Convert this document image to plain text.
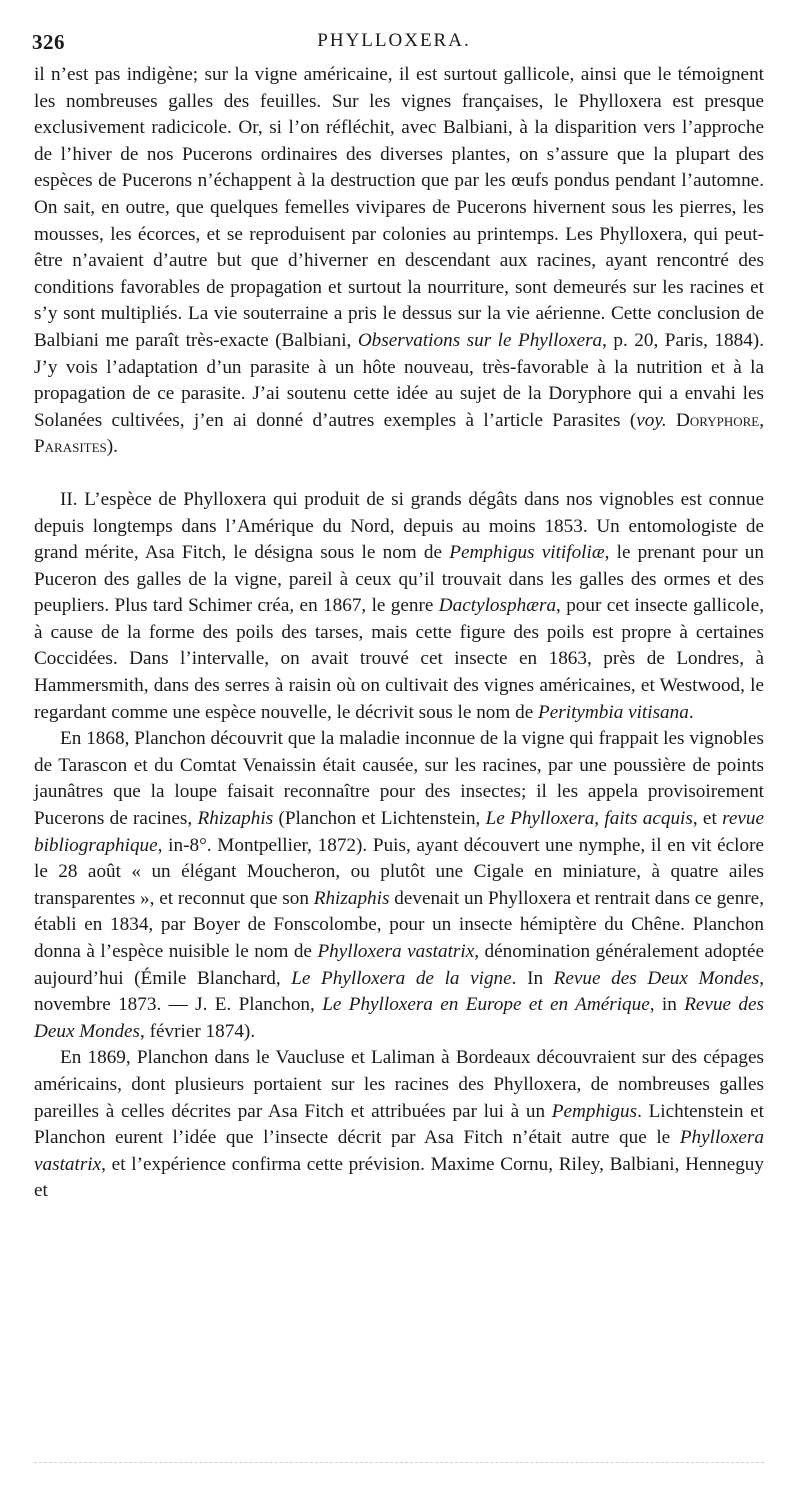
326	PHYLLOXERA.

il n’est pas indigène; sur la vigne américaine, il est surtout gallicole, ainsi que le témoignent les nombreuses galles des feuilles. Sur les vignes françaises, le Phylloxera est presque exclusivement radicicole. Or, si l’on réfléchit, avec Balbiani, à la disparition vers l’approche de l’hiver de nos Pucerons ordinaires des diverses plantes, on s’assure que la plupart des espèces de Pucerons n’échappent à la destruction que par les œufs pondus pendant l’automne. On sait, en outre, que quelques femelles vivipares de Pucerons hivernent sous les pierres, les mousses, les écorces, et se reproduisent par colonies au printemps. Les Phylloxera, qui peut-être n’avaient d’autre but que d’hiverner en descendant aux racines, ayant rencontré des conditions favorables de propagation et surtout la nourriture, sont demeurés sur les racines et s’y sont multipliés. La vie souterraine a pris le dessus sur la vie aérienne. Cette conclusion de Balbiani me paraît très-exacte (Balbiani, Observations sur le Phylloxera, p. 20, Paris, 1884). J’y vois l’adaptation d’un parasite à un hôte nouveau, très-favorable à la nutrition et à la propagation de ce parasite. J’ai soutenu cette idée au sujet de la Doryphore qui a envahi les Solanées cultivées, j’en ai donné d’autres exemples à l’article Parasites (voy. Doryphore, Parasites).

II. L’espèce de Phylloxera qui produit de si grands dégâts dans nos vignobles est connue depuis longtemps dans l’Amérique du Nord, depuis au moins 1853. Un entomologiste de grand mérite, Asa Fitch, le désigna sous le nom de Pemphigus vitifoliæ, le prenant pour un Puceron des galles de la vigne, pareil à ceux qu’il trouvait dans les galles des ormes et des peupliers. Plus tard Schimer créa, en 1867, le genre Dactylosphæra, pour cet insecte gallicole, à cause de la forme des poils des tarses, mais cette figure des poils est propre à certaines Coccidées. Dans l’intervalle, on avait trouvé cet insecte en 1863, près de Londres, à Hammersmith, dans des serres à raisin où on cultivait des vignes américaines, et Westwood, le regardant comme une espèce nouvelle, le décrivit sous le nom de Peritymbia vitisana.

En 1868, Planchon découvrit que la maladie inconnue de la vigne qui frappait les vignobles de Tarascon et du Comtat Venaissin était causée, sur les racines, par une poussière de points jaunâtres que la loupe faisait reconnaître pour des insectes; il les appela provisoirement Pucerons de racines, Rhizaphis (Planchon et Lichtenstein, Le Phylloxera, faits acquis, et revue bibliographique, in-8°. Montpellier, 1872). Puis, ayant découvert une nymphe, il en vit éclore le 28 août « un élégant Moucheron, ou plutôt une Cigale en miniature, à quatre ailes transparentes », et reconnut que son Rhizaphis devenait un Phylloxera et rentrait dans ce genre, établi en 1834, par Boyer de Fonscolombe, pour un insecte hémiptère du Chêne. Planchon donna à l’espèce nuisible le nom de Phylloxera vastatrix, dénomination généralement adoptée aujourd’hui (Émile Blanchard, Le Phylloxera de la vigne. In Revue des Deux Mondes, novembre 1873. — J. E. Planchon, Le Phylloxera en Europe et en Amérique, in Revue des Deux Mondes, février 1874).

En 1869, Planchon dans le Vaucluse et Laliman à Bordeaux découvraient sur des cépages américains, dont plusieurs portaient sur les racines des Phylloxera, de nombreuses galles pareilles à celles décrites par Asa Fitch et attribuées par lui à un Pemphigus. Lichtenstein et Planchon eurent l’idée que l’insecte décrit par Asa Fitch n’était autre que le Phylloxera vastatrix, et l’expérience confirma cette prévision. Maxime Cornu, Riley, Balbiani, Henneguy et
